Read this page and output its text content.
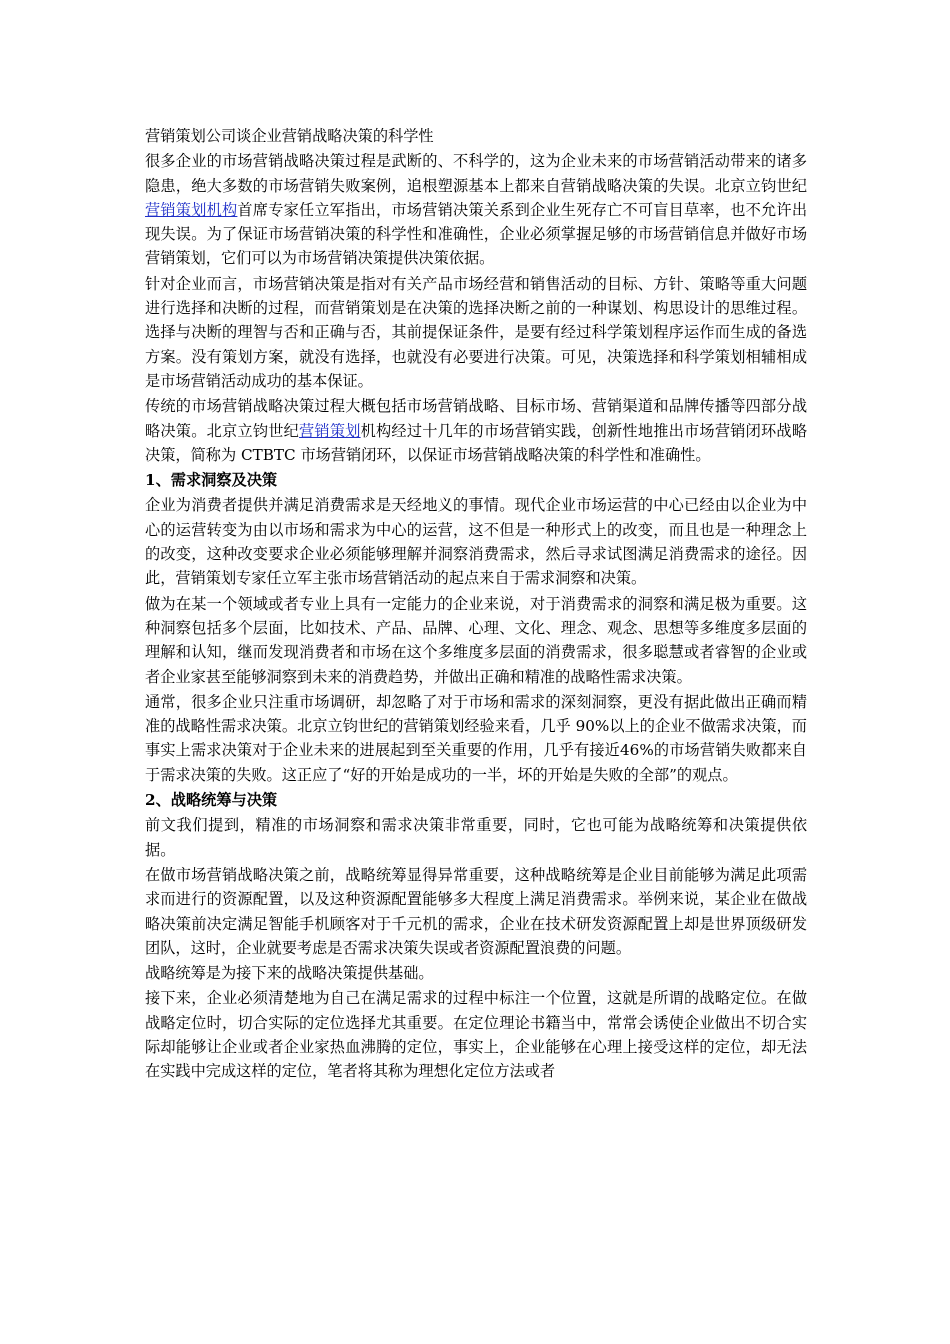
营销策划公司谈企业营销战略决策的科学性

很多企业的市场营销战略决策过程是武断的、不科学的，这为企业未来的市场营销活动带来的诸多隐患，绝大多数的市场营销失败案例，追根塑源基本上都来自营销战略决策的失误。北京立钧世纪营销策划机构首席专家任立军指出，市场营销决策关系到企业生死存亡不可盲目草率，也不允许出现失误。为了保证市场营销决策的科学性和准确性，企业必须掌握足够的市场营销信息并做好市场营销策划，它们可以为市场营销决策提供决策依据。

针对企业而言，市场营销决策是指对有关产品市场经营和销售活动的目标、方针、策略等重大问题进行选择和决断的过程，而营销策划是在决策的选择决断之前的一种谋划、构思设计的思维过程。选择与决断的理智与否和正确与否，其前提保证条件，是要有经过科学策划程序运作而生成的备选方案。没有策划方案，就没有选择，也就没有必要进行决策。可见，决策选择和科学策划相辅相成是市场营销活动成功的基本保证。

传统的市场营销战略决策过程大概包括市场营销战略、目标市场、营销渠道和品牌传播等四部分战略决策。北京立钧世纪营销策划机构经过十几年的市场营销实践，创新性地推出市场营销闭环战略决策，简称为 CTBTC 市场营销闭环，以保证市场营销战略决策的科学性和准确性。

1、需求洞察及决策

企业为消费者提供并满足消费需求是天经地义的事情。现代企业市场运营的中心已经由以企业为中心的运营转变为由以市场和需求为中心的运营，这不但是一种形式上的改变，而且也是一种理念上的改变，这种改变要求企业必须能够理解并洞察消费需求，然后寻求试图满足消费需求的途径。因此，营销策划专家任立军主张市场营销活动的起点来自于需求洞察和决策。

做为在某一个领域或者专业上具有一定能力的企业来说，对于消费需求的洞察和满足极为重要。这种洞察包括多个层面，比如技术、产品、品牌、心理、文化、理念、观念、思想等多维度多层面的理解和认知，继而发现消费者和市场在这个多维度多层面的消费需求，很多聪慧或者睿智的企业或者企业家甚至能够洞察到未来的消费趋势，并做出正确和精准的战略性需求决策。

通常，很多企业只注重市场调研，却忽略了对于市场和需求的深刻洞察，更没有据此做出正确而精准的战略性需求决策。北京立钧世纪的营销策划经验来看，几乎 90%以上的企业不做需求决策，而事实上需求决策对于企业未来的进展起到至关重要的作用，几乎有接近46%的市场营销失败都来自于需求决策的失败。这正应了“好的开始是成功的一半，坏的开始是失败的全部”的观点。

2、战略统筹与决策

前文我们提到，精准的市场洞察和需求决策非常重要，同时，它也可能为战略统筹和决策提供依据。

在做市场营销战略决策之前，战略统筹显得异常重要，这种战略统筹是企业目前能够为满足此项需求而进行的资源配置，以及这种资源配置能够多大程度上满足消费需求。举例来说，某企业在做战略决策前决定满足智能手机顾客对于千元机的需求，企业在技术研发资源配置上却是世界顶级研发团队，这时，企业就要考虑是否需求决策失误或者资源配置浪费的问题。

战略统筹是为接下来的战略决策提供基础。

接下来，企业必须清楚地为自己在满足需求的过程中标注一个位置，这就是所谓的战略定位。在做战略定位时，切合实际的定位选择尤其重要。在定位理论书籍当中，常常会诱使企业做出不切合实际却能够让企业或者企业家热血沸腾的定位，事实上，企业能够在心理上接受这样的定位，却无法在实践中完成这样的定位，笔者将其称为理想化定位方法或者
